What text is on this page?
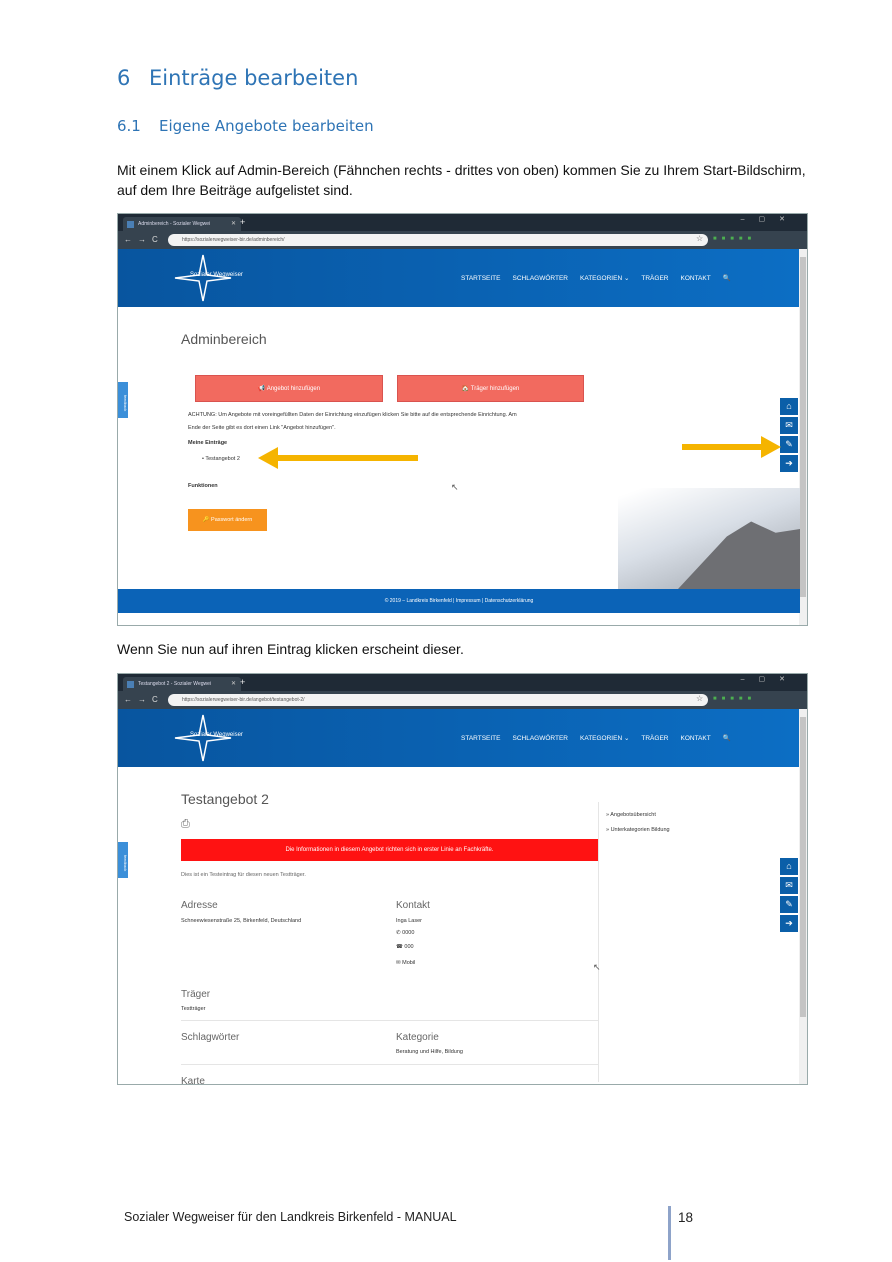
6 Einträge bearbeiten
6.1 Eigene Angebote bearbeiten
Mit einem Klick auf Admin-Bereich (Fähnchen rechts - drittes von oben) kommen Sie zu Ihrem Start-Bildschirm, auf dem Ihre Beiträge aufgelistet sind.
Adminbereich - Sozialer Wegwei	✕ +	–▢✕
←→C	https://sozialerwegweiser-bir.de/adminbereich/	☆ ■■■■■
Sozialer Wegweiser	STARTSEITE SCHLAGWÖRTER KATEGORIEN ⌄ TRÄGER KONTAKT 🔍
feedback
Adminbereich
📢 Angebot hinzufügen	🏠 Träger hinzufügen
ACHTUNG: Um Angebote mit voreingefüllten Daten der Einrichtung einzufügen klicken Sie bitte auf die entsprechende Einrichtung. Am
Ende der Seite gibt es dort einen Link "Angebot hinzufügen".
Meine Einträge
• Testangebot 2
Funktionen
🔑 Passwort ändern
⌂
✉
✎
➔
↖
© 2019 – Landkreis Birkenfeld | Impressum | Datenschutzerklärung
Wenn Sie nun auf ihren Eintrag klicken erscheint dieser.
Testangebot 2 - Sozialer Wegwei	✕ +	–▢✕
←→C	https://sozialerwegweiser-bir.de/angebot/testangebot-2/	☆ ■■■■■
Sozialer Wegweiser	STARTSEITE SCHLAGWÖRTER KATEGORIEN ⌄ TRÄGER KONTAKT 🔍
feedback
Testangebot 2
⎙
» Angebotsübersicht
» Unterkategorien Bildung
Die Informationen in diesem Angebot richten sich in erster Linie an Fachkräfte.
Dies ist ein Testeintrag für diesen neuen Testträger.
Adresse
Schneewiesenstraße 25, Birkenfeld, Deutschland
Kontakt
Inga Laser
✆ 0000
☎ 000
✉ Mobil	↖
Träger
Testträger
Schlagwörter	Kategorie
Beratung und Hilfe, Bildung
Karte
⌂
✉
✎
➔
Sozialer Wegweiser für den Landkreis Birkenfeld - MANUAL	18
